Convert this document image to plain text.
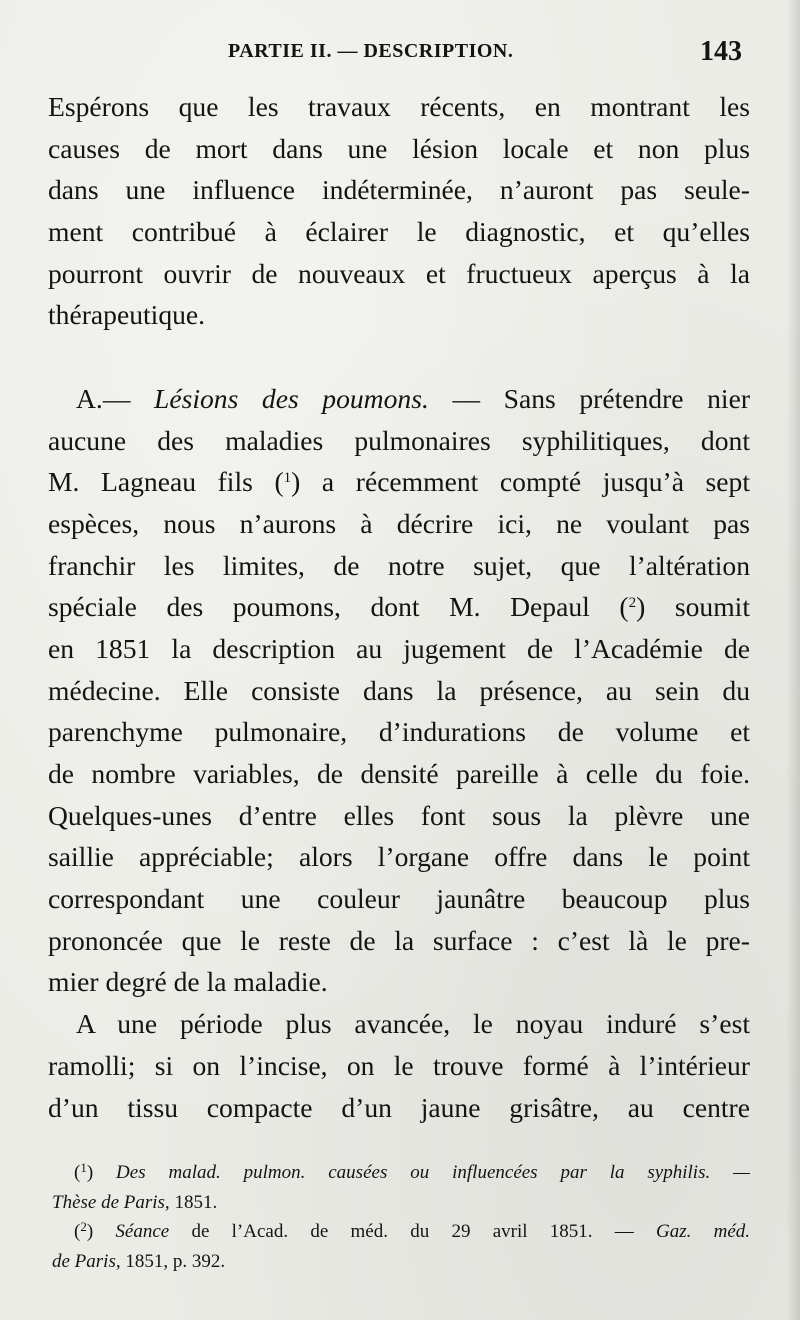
PARTIE II. — DESCRIPTION.	143
Espérons que les travaux récents, en montrant les
causes de mort dans une lésion locale et non plus
dans une influence indéterminée, n’auront pas seule-
ment contribué à éclairer le diagnostic, et qu’elles
pourront ouvrir de nouveaux et fructueux aperçus à la
thérapeutique.
A.— Lésions des poumons. — Sans prétendre nier
aucune des maladies pulmonaires syphilitiques, dont
M. Lagneau fils ($^1$) a récemment compté jusqu’à sept
espèces, nous n’aurons à décrire ici, ne voulant pas
franchir les limites, de notre sujet, que l’altération
spéciale des poumons, dont M. Depaul ($^2$) soumit
en 1851 la description au jugement de l’Académie de
médecine. Elle consiste dans la présence, au sein du
parenchyme pulmonaire, d’indurations de volume et
de nombre variables, de densité pareille à celle du foie.
Quelques-unes d’entre elles font sous la plèvre une
saillie appréciable; alors l’organe offre dans le point
correspondant une couleur jaunâtre beaucoup plus
prononcée que le reste de la surface : c’est là le pre-
mier degré de la maladie.
A une période plus avancée, le noyau induré s’est
ramolli; si on l’incise, on le trouve formé à l’intérieur
d’un tissu compacte d’un jaune grisâtre, au centre
($^1$) Des malad. pulmon. causées ou influencées par la syphilis. —
Thèse de Paris, 1851.
($^2$) Séance de l’Acad. de méd. du 29 avril 1851. — Gaz. méd.
de Paris, 1851, p. 392.
